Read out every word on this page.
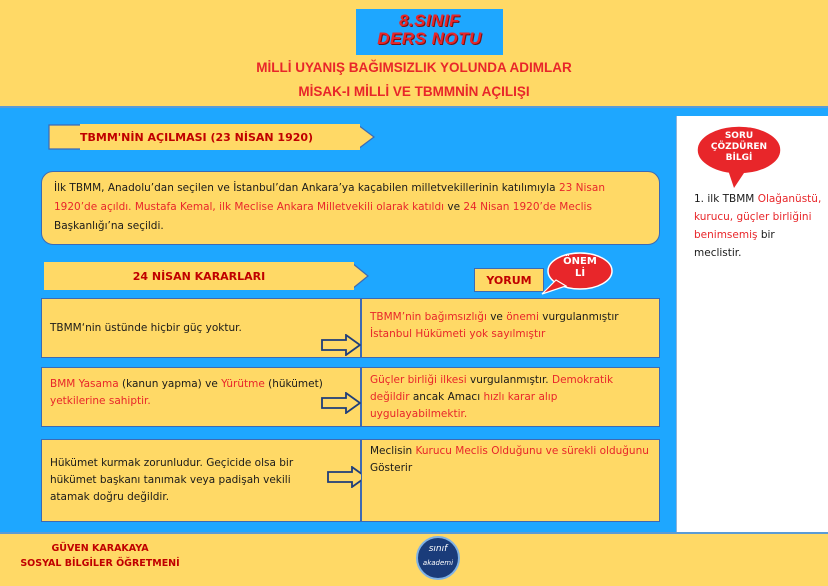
8.SINIF
DERS NOTU
MİLLİ UYANIŞ BAĞIMSIZLIK YOLUNDA ADIMLAR
MİSAK-I MİLLİ VE TBMMNİN AÇILIŞI
TBMM'NİN AÇILMASI (23 NİSAN 1920)
İlk TBMM, Anadolu’dan seçilen ve İstanbul’dan Ankara’ya kaçabilen milletvekillerinin katılımıyla 23 Nisan 1920’de açıldı. Mustafa Kemal, ilk Meclise Ankara Milletvekili olarak katıldı ve 24 Nisan 1920’de Meclis Başkanlığı’na seçildi.
24 NİSAN KARARLARI	YORUM
ÖNEM
Lİ
TBMM‘nin üstünde hiçbir güç yoktur.
TBMM’nin bağımsızlığı ve önemi vurgulanmıştır
İstanbul Hükümeti yok sayılmıştır
BMM Yasama (kanun yapma) ve Yürütme (hükümet)
yetkilerine sahiptir.
Güçler birliği ilkesi vurgulanmıştır. Demokratik değildir ancak Amacı hızlı karar alıp uygulayabilmektir.
Hükümet kurmak zorunludur. Geçicide olsa bir hükümet başkanı tanımak veya padişah vekili atamak doğru değildir.
Meclisin Kurucu Meclis Olduğunu ve sürekli olduğunu Gösterir
SORU
ÇÖZDÜREN
BİLGİ
1. ilk TBMM Olağanüstü, kurucu, güçler birliğini benimsemiş bir meclistir.
GÜVEN KARAKAYA
SOSYAL BİLGİLER ÖĞRETMENİ
sınıf
akademi
